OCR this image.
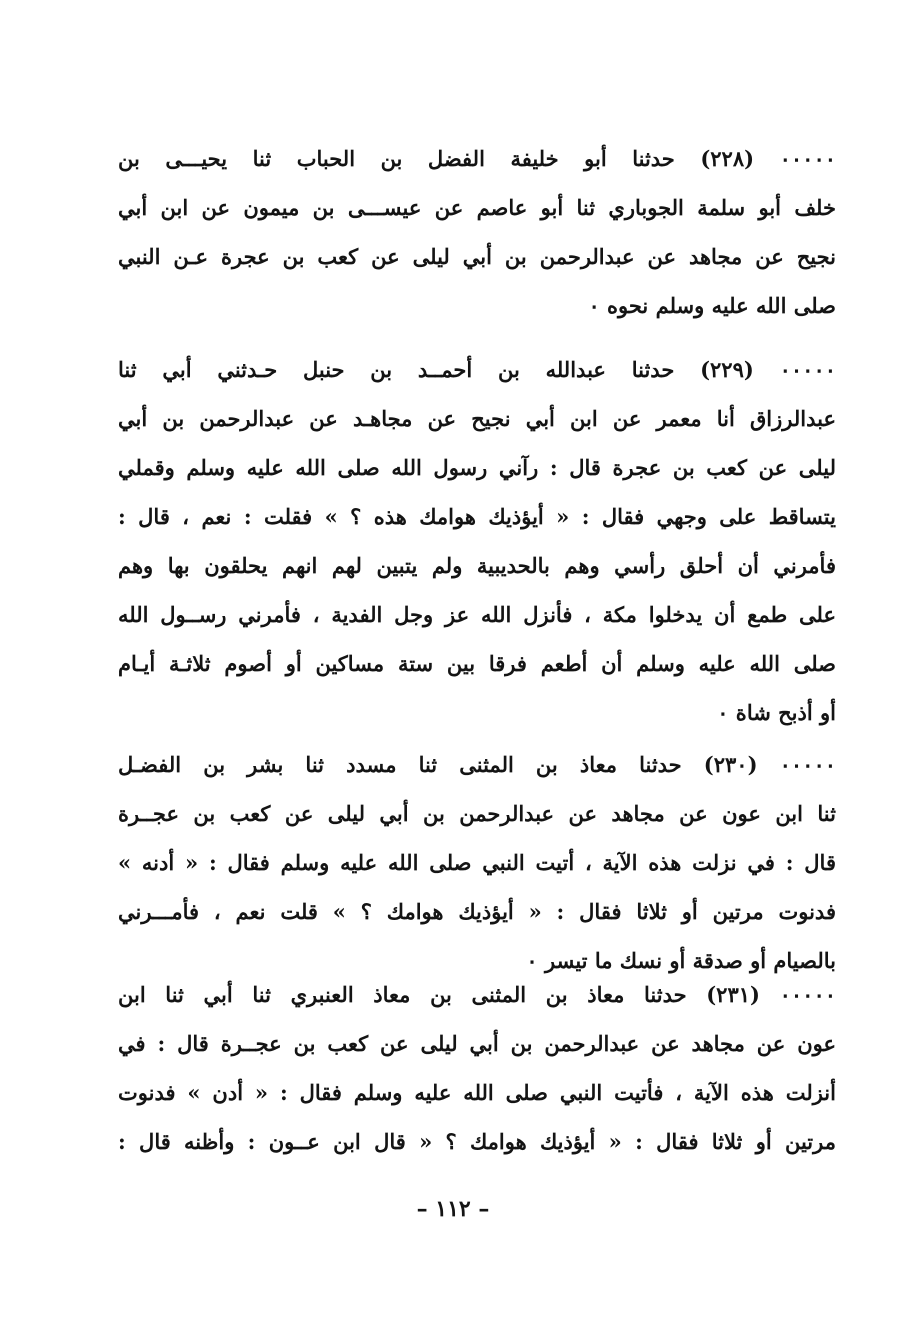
٠٠٠٠٠ (٢٢٨) حدثنا أبو خليفة الفضل بن الحباب ثنا يحيـــى بن
خلف أبو سلمة الجوباري ثنا أبو عاصم عن عيســـى بن ميمون عن ابن أبي
نجيح عن مجاهد عن عبدالرحمن بن أبي ليلى عن كعب بن عجرة عـن النبي
صلى الله عليه وسلم نحوه ٠
٠٠٠٠٠ (٢٢٩) حدثنا عبدالله بن أحمــد بن حنبل حـدثني أبي ثنا
عبدالرزاق أنا معمر عن ابن أبي نجيح عن مجاهـد عن عبدالرحمن بن أبي
ليلى عن كعب بن عجرة قال : رآني رسول الله صلى الله عليه وسلم وقملي
يتساقط على وجهي فقال : « أيؤذيك هوامك هذه ؟ » فقلت : نعم ، قال :
فأمرني أن أحلق رأسي وهم بالحديبية ولم يتبين لهم انهم يحلقون بها وهم
على طمع أن يدخلوا مكة ، فأنزل الله عز وجل الفدية ، فأمرني رســول الله
صلى الله عليه وسلم أن أطعم فرقا بين ستة مساكين أو أصوم ثلاثـة أيـام
أو أذبح شاة ٠
٠٠٠٠٠ (٢٣٠) حدثنا معاذ بن المثنى ثنا مسدد ثنا بشر بن الفضـل
ثنا ابن عون عن مجاهد عن عبدالرحمن بن أبي ليلى عن كعب بن عجــرة
قال : في نزلت هذه الآية ، أتيت النبي صلى الله عليه وسلم فقال : « أدنه »
فدنوت مرتين أو ثلاثا فقال : « أيؤذيك هوامك ؟ » قلت نعم ، فأمـــرني
بالصيام أو صدقة أو نسك ما تيسر ٠
٠٠٠٠٠ (٢٣١) حدثنا معاذ بن المثنى بن معاذ العنبري ثنا أبي ثنا ابن
عون عن مجاهد عن عبدالرحمن بن أبي ليلى عن كعب بن عجــرة قال : في
أنزلت هذه الآية ، فأتيت النبي صلى الله عليه وسلم فقال : « أدن » فدنوت
مرتين أو ثلاثا فقال : « أيؤذيك هوامك ؟ « قال ابن عــون : وأظنه قال :
– ١١٢ –
